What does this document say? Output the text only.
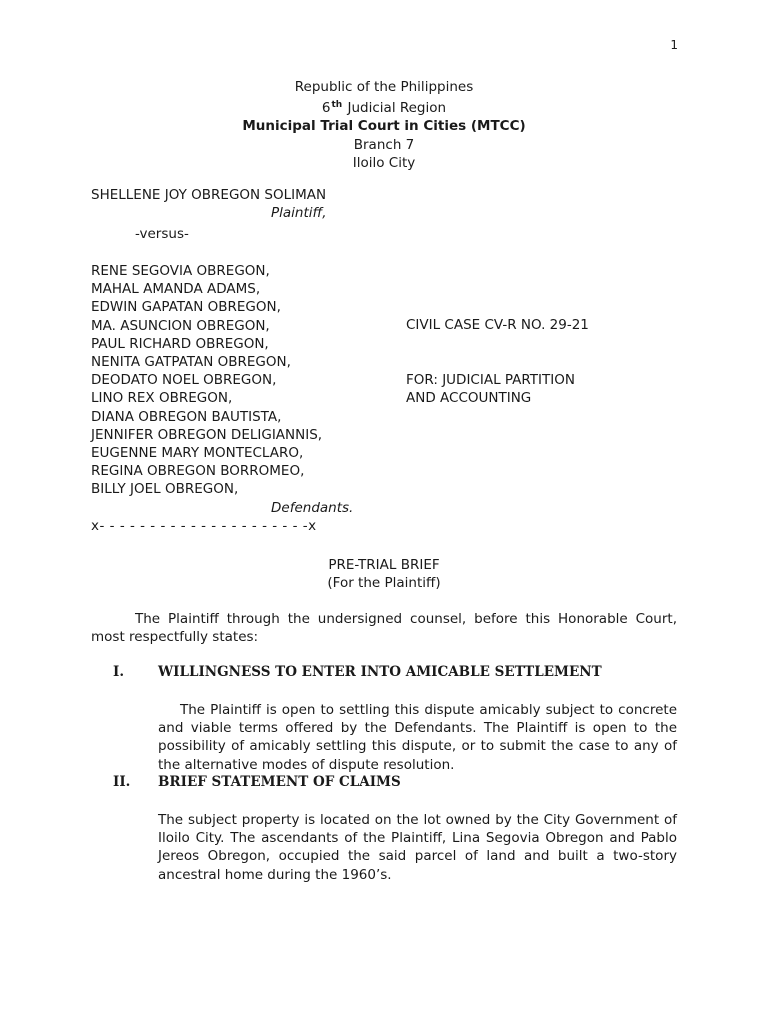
1
Republic of the Philippines
6th Judicial Region
Municipal Trial Court in Cities (MTCC)
Branch 7
Iloilo City
SHELLENE JOY OBREGON SOLIMAN
Plaintiff,
-versus-
RENE SEGOVIA OBREGON,
MAHAL AMANDA ADAMS,
EDWIN GAPATAN OBREGON,
MA. ASUNCION OBREGON,
PAUL RICHARD OBREGON,
NENITA GATPATAN OBREGON,
DEODATO NOEL OBREGON,
LINO REX OBREGON,
DIANA OBREGON BAUTISTA,
JENNIFER OBREGON DELIGIANNIS,
EUGENNE MARY MONTECLARO,
REGINA OBREGON BORROMEO,
BILLY JOEL OBREGON,
Defendants.
x- - - - - - - - - - - - - - - - - - - - -x
CIVIL CASE CV-R NO. 29-21
FOR: JUDICIAL PARTITION
AND ACCOUNTING
PRE-TRIAL BRIEF
(For the Plaintiff)
The Plaintiff through the undersigned counsel, before this Honorable Court, most respectfully states:
I.	WILLINGNESS TO ENTER INTO AMICABLE SETTLEMENT
The Plaintiff is open to settling this dispute amicably subject to concrete and viable terms offered by the Defendants. The Plaintiff is open to the possibility of amicably settling this dispute, or to submit the case to any of the alternative modes of dispute resolution.
II. BRIEF STATEMENT OF CLAIMS
The subject property is located on the lot owned by the City Government of Iloilo City. The ascendants of the Plaintiff, Lina Segovia Obregon and Pablo Jereos Obregon, occupied the said parcel of land and built a two-story ancestral home during the 1960’s.
